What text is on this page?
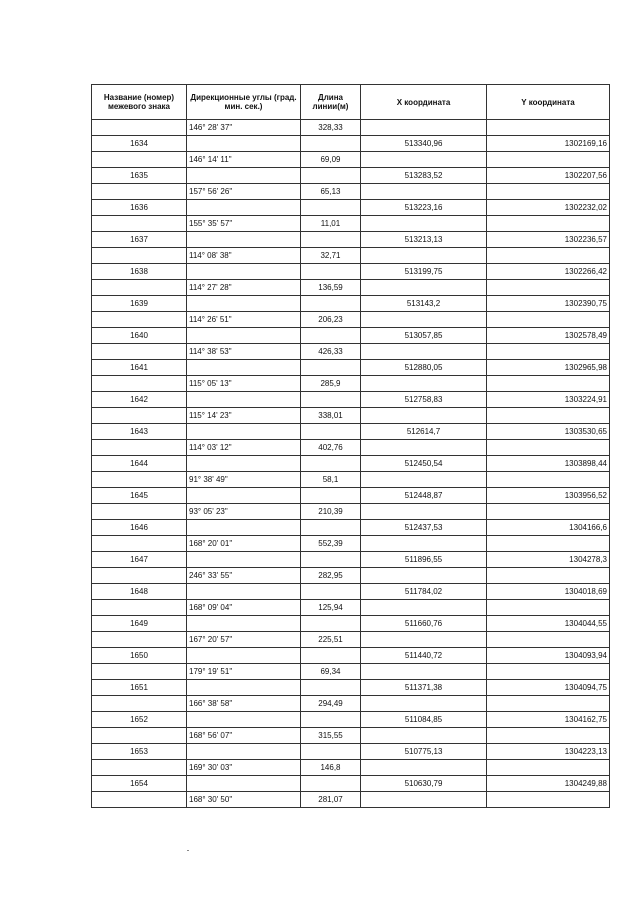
Название (номер) межевого знака	Дирекционные углы (град. мин. сек.)	Длина линии(м)	X координата	Y координата
	146° 28' 37"	328,33		
1634			513340,96	1302169,16
	146° 14' 11"	69,09		
1635			513283,52	1302207,56
	157° 56' 26"	65,13		
1636			513223,16	1302232,02
	155° 35' 57"	11,01		
1637			513213,13	1302236,57
	114° 08' 38"	32,71		
1638			513199,75	1302266,42
	114° 27' 28"	136,59		
1639			513143,2	1302390,75
	114° 26' 51"	206,23		
1640			513057,85	1302578,49
	114° 38' 53"	426,33		
1641			512880,05	1302965,98
	115° 05' 13"	285,9		
1642			512758,83	1303224,91
	115° 14' 23"	338,01		
1643			512614,7	1303530,65
	114° 03' 12"	402,76		
1644			512450,54	1303898,44
	91° 38' 49"	58,1		
1645			512448,87	1303956,52
	93° 05' 23"	210,39		
1646			512437,53	1304166,6
	168° 20' 01"	552,39		
1647			511896,55	1304278,3
	246° 33' 55"	282,95		
1648			511784,02	1304018,69
	168° 09' 04"	125,94		
1649			511660,76	1304044,55
	167° 20' 57"	225,51		
1650			511440,72	1304093,94
	179° 19' 51"	69,34		
1651			511371,38	1304094,75
	166° 38' 58"	294,49		
1652			511084,85	1304162,75
	168° 56' 07"	315,55		
1653			510775,13	1304223,13
	169° 30' 03"	146,8		
1654			510630,79	1304249,88
	168° 30' 50"	281,07		
